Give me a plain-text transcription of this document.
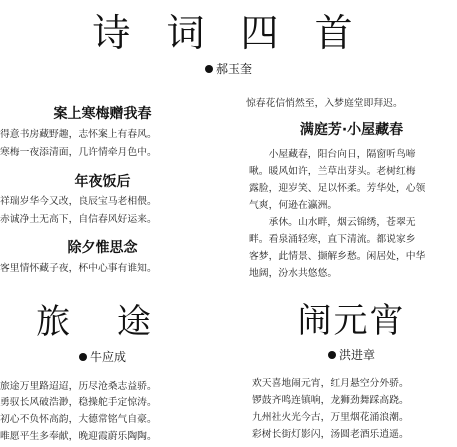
诗 词 四 首
郝玉奎
案上寒梅赠我春
得意书房藏野趣，志怀案上有春风。
寒梅一夜添清面，几许情牵月色中。
年夜饭后
祥瑞岁华今又改，良辰宝马老相偎。
赤诚净土无高下，自信春风好运来。
除夕惟思念
客里情怀藏子夜，杯中心事有谁知。
惊春花信悄然至，入梦庭堂即拜迟。
满庭芳·小屋藏春
　　小屋藏春，阳台向日，隔窗听鸟啼
啾。暖风如许，兰草出芽头。老树红梅
露脸，迎岁笑、足以怀柔。芳华处，心领
气爽，何逊在瀛洲。
　　承休。山水畔，烟云锦绣，苍翠无
畔。看泉涌轻寒，直下清流。都说家乡
客梦，此情景、撷解乡愁。闲居处，中华
地阔，汾水共悠悠。
旅 途
牛应成
旅途万里路迢迢，历尽沧桑志益骄。
勇驭长风破浩渺，稳操舵手定惊涛。
初心不负怀高韵，大德常铭气自豪。
唯愿平生多奉献，晚迎霞蔚乐陶陶。
闹元宵
洪进章
欢天喜地闹元宵，红月悬空分外骄。
锣鼓齐鸣连镇响，龙狮劲舞踩高跷。
九州社火光今古，万里烟花涌浪潮。
彩树长街灯影闪，汤圆老酒乐逍遥。
